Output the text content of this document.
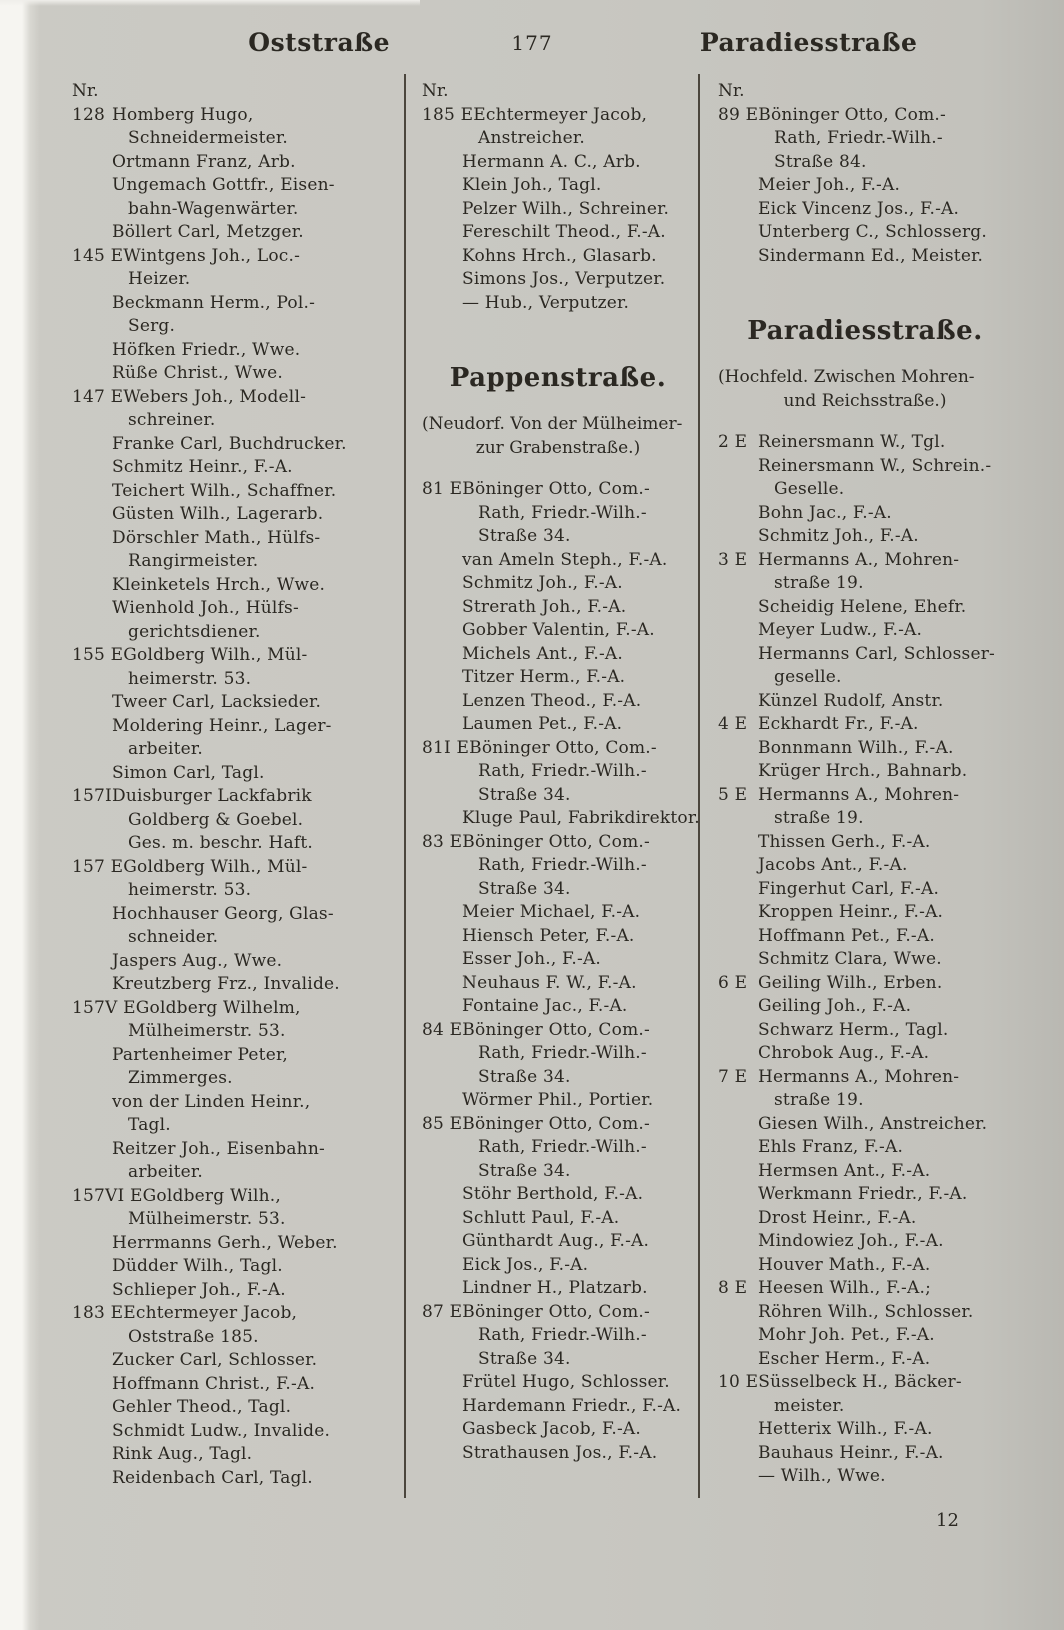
Oststraße	177	Paradiesstraße
Nr.
128 Homberg Hugo,
Schneidermeister.
Ortmann Franz, Arb.
Ungemach Gottfr., Eisen-
bahn-Wagenwärter.
Böllert Carl, Metzger.
145 EWintgens Joh., Loc.-
Heizer.
Beckmann Herm., Pol.-
Serg.
Höfken Friedr., Wwe.
Rüße Christ., Wwe.
147 EWebers Joh., Modell-
schreiner.
Franke Carl, Buchdrucker.
Schmitz Heinr., F.-A.
Teichert Wilh., Schaffner.
Güsten Wilh., Lagerarb.
Dörschler Math., Hülfs-
Rangirmeister.
Kleinketels Hrch., Wwe.
Wienhold Joh., Hülfs-
gerichtsdiener.
155 EGoldberg Wilh., Mül-
heimerstr. 53.
Tweer Carl, Lacksieder.
Moldering Heinr., Lager-
arbeiter.
Simon Carl, Tagl.
157IDuisburger Lackfabrik
Goldberg & Goebel.
Ges. m. beschr. Haft.
157 EGoldberg Wilh., Mül-
heimerstr. 53.
Hochhauser Georg, Glas-
schneider.
Jaspers Aug., Wwe.
Kreutzberg Frz., Invalide.
157V EGoldberg Wilhelm,
Mülheimerstr. 53.
Partenheimer Peter,
Zimmerges.
von der Linden Heinr.,
Tagl.
Reitzer Joh., Eisenbahn-
arbeiter.
157VI EGoldberg Wilh.,
Mülheimerstr. 53.
Herrmanns Gerh., Weber.
Düdder Wilh., Tagl.
Schlieper Joh., F.-A.
183 EEchtermeyer Jacob,
Oststraße 185.
Zucker Carl, Schlosser.
Hoffmann Christ., F.-A.
Gehler Theod., Tagl.
Schmidt Ludw., Invalide.
Rink Aug., Tagl.
Reidenbach Carl, Tagl.
Nr.
185 EEchtermeyer Jacob,
Anstreicher.
Hermann A. C., Arb.
Klein Joh., Tagl.
Pelzer Wilh., Schreiner.
Fereschilt Theod., F.-A.
Kohns Hrch., Glasarb.
Simons Jos., Verputzer.
— Hub., Verputzer.
Pappenstraße.
(Neudorf. Von der Mülheimer-
zur Grabenstraße.)
81 EBöninger Otto, Com.-
Rath, Friedr.-Wilh.-
Straße 34.
van Ameln Steph., F.-A.
Schmitz Joh., F.-A.
Strerath Joh., F.-A.
Gobber Valentin, F.-A.
Michels Ant., F.-A.
Titzer Herm., F.-A.
Lenzen Theod., F.-A.
Laumen Pet., F.-A.
81I EBöninger Otto, Com.-
Rath, Friedr.-Wilh.-
Straße 34.
Kluge Paul, Fabrikdirektor.
83 EBöninger Otto, Com.-
Rath, Friedr.-Wilh.-
Straße 34.
Meier Michael, F.-A.
Hiensch Peter, F.-A.
Esser Joh., F.-A.
Neuhaus F. W., F.-A.
Fontaine Jac., F.-A.
84 EBöninger Otto, Com.-
Rath, Friedr.-Wilh.-
Straße 34.
Wörmer Phil., Portier.
85 EBöninger Otto, Com.-
Rath, Friedr.-Wilh.-
Straße 34.
Stöhr Berthold, F.-A.
Schlutt Paul, F.-A.
Günthardt Aug., F.-A.
Eick Jos., F.-A.
Lindner H., Platzarb.
87 EBöninger Otto, Com.-
Rath, Friedr.-Wilh.-
Straße 34.
Frütel Hugo, Schlosser.
Hardemann Friedr., F.-A.
Gasbeck Jacob, F.-A.
Strathausen Jos., F.-A.
Nr.
89 EBöninger Otto, Com.-
Rath, Friedr.-Wilh.-
Straße 84.
Meier Joh., F.-A.
Eick Vincenz Jos., F.-A.
Unterberg C., Schlosserg.
Sindermann Ed., Meister.
Paradiesstraße.
(Hochfeld. Zwischen Mohren-
und Reichsstraße.)
2 E Reinersmann W., Tgl.
Reinersmann W., Schrein.-
Geselle.
Bohn Jac., F.-A.
Schmitz Joh., F.-A.
3 E Hermanns A., Mohren-
straße 19.
Scheidig Helene, Ehefr.
Meyer Ludw., F.-A.
Hermanns Carl, Schlosser-
geselle.
Künzel Rudolf, Anstr.
4 E Eckhardt Fr., F.-A.
Bonnmann Wilh., F.-A.
Krüger Hrch., Bahnarb.
5 E Hermanns A., Mohren-
straße 19.
Thissen Gerh., F.-A.
Jacobs Ant., F.-A.
Fingerhut Carl, F.-A.
Kroppen Heinr., F.-A.
Hoffmann Pet., F.-A.
Schmitz Clara, Wwe.
6 E Geiling Wilh., Erben.
Geiling Joh., F.-A.
Schwarz Herm., Tagl.
Chrobok Aug., F.-A.
7 E Hermanns A., Mohren-
straße 19.
Giesen Wilh., Anstreicher.
Ehls Franz, F.-A.
Hermsen Ant., F.-A.
Werkmann Friedr., F.-A.
Drost Heinr., F.-A.
Mindowiez Joh., F.-A.
Houver Math., F.-A.
8 E Heesen Wilh., F.-A.;
Röhren Wilh., Schlosser.
Mohr Joh. Pet., F.-A.
Escher Herm., F.-A.
10 ESüsselbeck H., Bäcker-
meister.
Hetterix Wilh., F.-A.
Bauhaus Heinr., F.-A.
— Wilh., Wwe.
12
